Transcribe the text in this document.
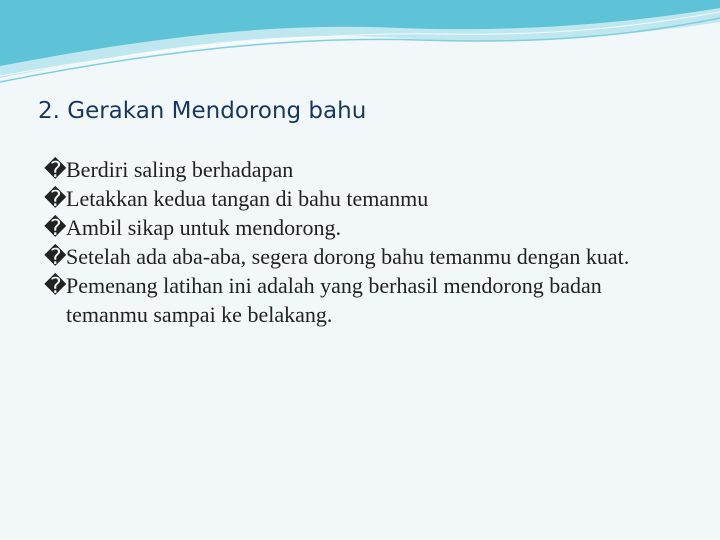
2. Gerakan Mendorong bahu
� Berdiri saling berhadapan
� Letakkan kedua tangan di bahu temanmu
� Ambil sikap untuk mendorong.
� Setelah ada aba-aba, segera dorong bahu temanmu dengan kuat.
� Pemenang latihan ini adalah yang berhasil mendorong badan temanmu sampai ke belakang.
